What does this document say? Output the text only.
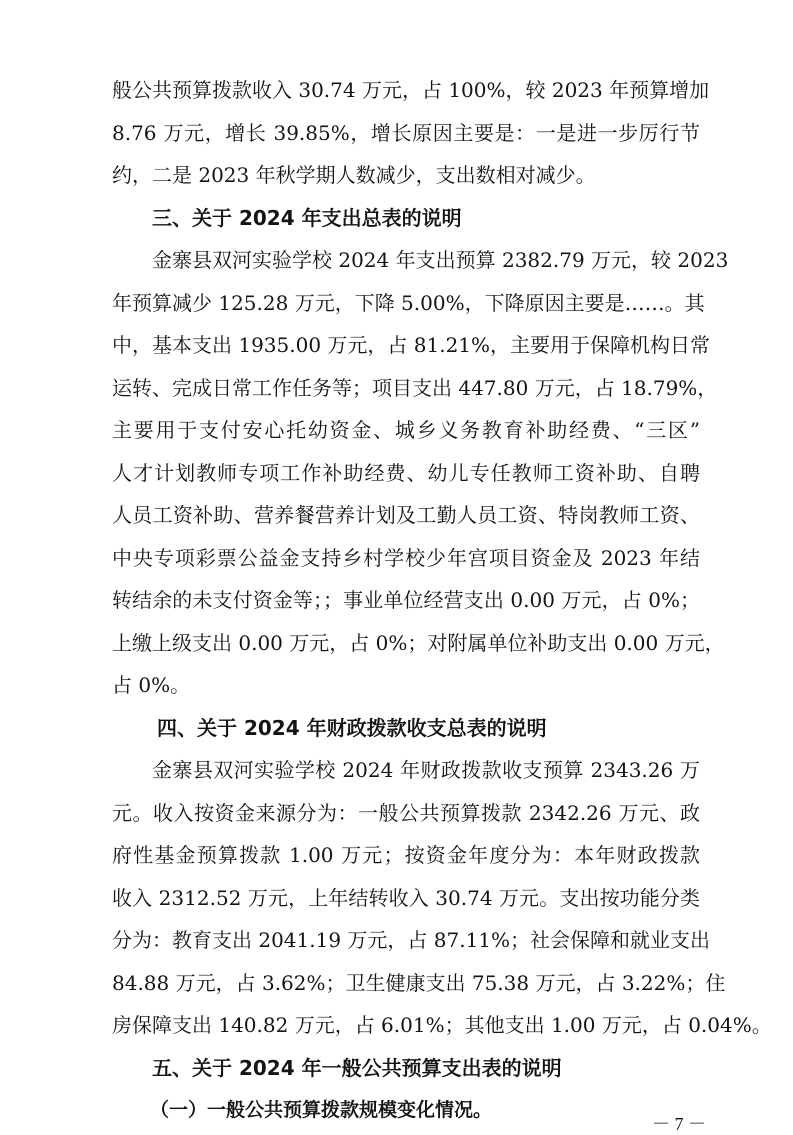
般公共预算拨款收入 30.74 万元，占 100%，较 2023 年预算增加
8.76 万元，增长 39.85%，增长原因主要是：一是进一步厉行节
约，二是 2023 年秋学期人数减少，支出数相对减少。
三、关于 2024 年支出总表的说明
金寨县双河实验学校 2024 年支出预算 2382.79 万元，较 2023
年预算减少 125.28 万元，下降 5.00%，下降原因主要是……。其
中，基本支出 1935.00 万元，占 81.21%，主要用于保障机构日常
运转、完成日常工作任务等；项目支出 447.80 万元，占 18.79%，
主要用于支付安心托幼资金、城乡义务教育补助经费、“三区”
人才计划教师专项工作补助经费、幼儿专任教师工资补助、自聘
人员工资补助、营养餐营养计划及工勤人员工资、特岗教师工资、
中央专项彩票公益金支持乡村学校少年宫项目资金及 2023 年结
转结余的未支付资金等；；事业单位经营支出 0.00 万元，占 0%；
上缴上级支出 0.00 万元，占 0%；对附属单位补助支出 0.00 万元，
占 0%。
四、关于 2024 年财政拨款收支总表的说明
金寨县双河实验学校 2024 年财政拨款收支预算 2343.26 万
元。收入按资金来源分为：一般公共预算拨款 2342.26 万元、政
府性基金预算拨款 1.00 万元；按资金年度分为：本年财政拨款
收入 2312.52 万元，上年结转收入 30.74 万元。支出按功能分类
分为：教育支出 2041.19 万元，占 87.11%；社会保障和就业支出
84.88 万元，占 3.62%；卫生健康支出 75.38 万元，占 3.22%；住
房保障支出 140.82 万元，占 6.01%；其他支出 1.00 万元，占 0.04%。
五、关于 2024 年一般公共预算支出表的说明
（一）一般公共预算拨款规模变化情况。
－ 7 －
